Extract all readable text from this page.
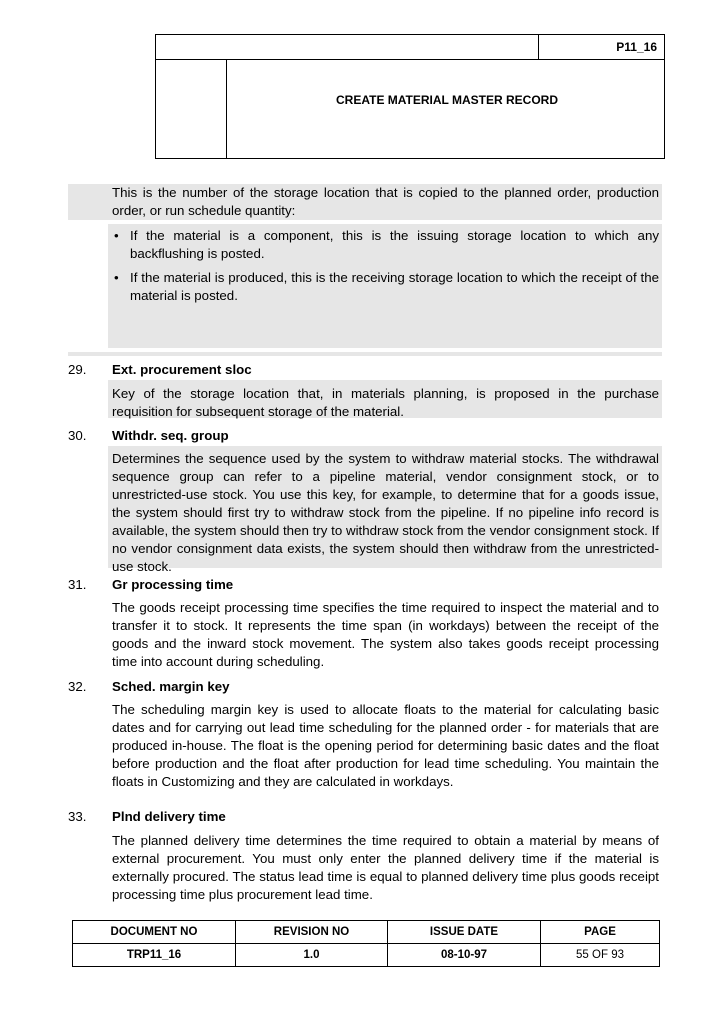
P11_16
CREATE MATERIAL MASTER RECORD
This is the number of the storage location that is copied to the planned order, production order, or run schedule quantity:
• If the material is a component, this is the issuing storage location to which any backflushing is posted.
• If the material is produced, this is the receiving storage location to which the receipt of the material is posted.
29. Ext. procurement sloc
Key of the storage location that, in materials planning, is proposed in the purchase requisition for subsequent storage of the material.
30. Withdr. seq. group
Determines the sequence used by the system to withdraw material stocks. The withdrawal sequence group can refer to a pipeline material, vendor consignment stock, or to unrestricted-use stock. You use this key, for example, to determine that for a goods issue, the system should first try to withdraw stock from the pipeline. If no pipeline info record is available, the system should then try to withdraw stock from the vendor consignment stock. If no vendor consignment data exists, the system should then withdraw from the unrestricted-use stock.
31. Gr processing time
The goods receipt processing time specifies the time required to inspect the material and to transfer it to stock. It represents the time span (in workdays) between the receipt of the goods and the inward stock movement. The system also takes goods receipt processing time into account during scheduling.
32. Sched. margin key
The scheduling margin key is used to allocate floats to the material for calculating basic dates and for carrying out lead time scheduling for the planned order - for materials that are produced in-house. The float is the opening period for determining basic dates and the float before production and the float after production for lead time scheduling. You maintain the floats in Customizing and they are calculated in workdays.
33. Plnd delivery time
The planned delivery time determines the time required to obtain a material by means of external procurement. You must only enter the planned delivery time if the material is externally procured. The status lead time is equal to planned delivery time plus goods receipt processing time plus procurement lead time.
DOCUMENT NO	REVISION NO	ISSUE DATE	PAGE
TRP11_16	1.0	08-10-97	55 OF 93
